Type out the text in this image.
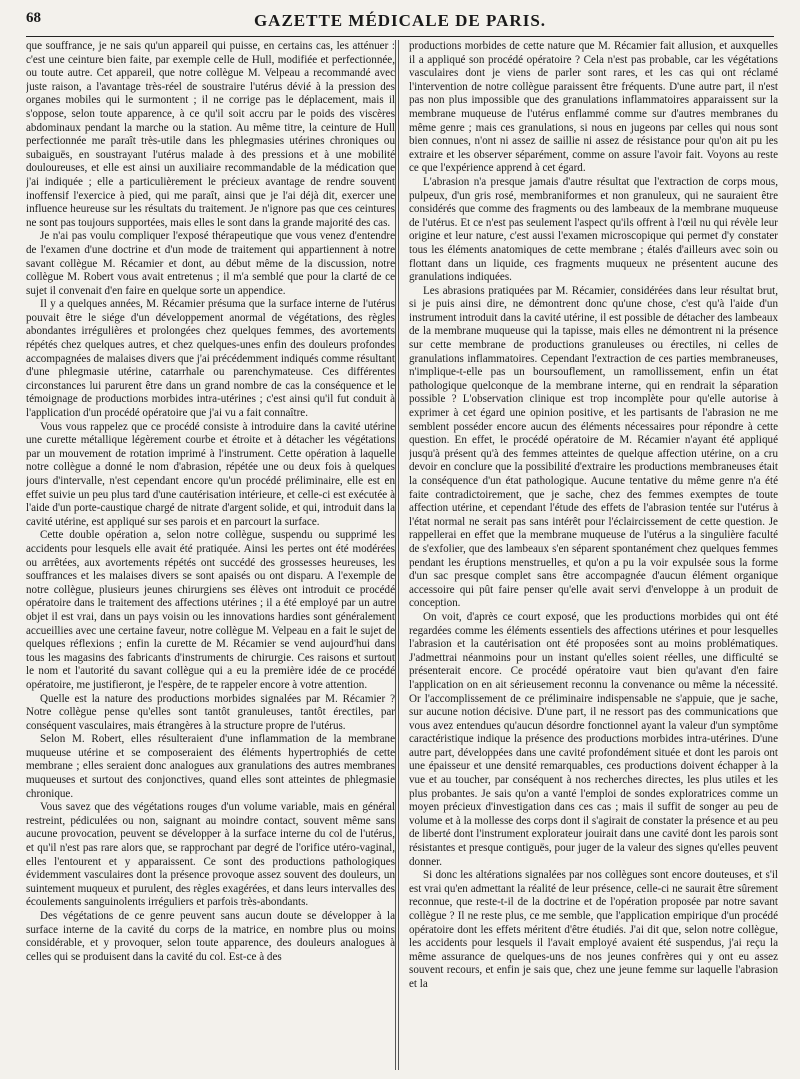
68	GAZETTE MÉDICALE DE PARIS.

que souffrance, je ne sais qu'un appareil qui puisse, en certains cas, les atténuer : c'est une ceinture bien faite, par exemple celle de Hull, modifiée et perfectionnée, ou toute autre. Cet appareil, que notre collègue M. Velpeau a recommandé avec juste raison, a l'avantage très-réel de soustraire l'utérus dévié à la pression des organes mobiles qui le surmontent ; il ne corrige pas le déplacement, mais il s'oppose, selon toute apparence, à ce qu'il soit accru par le poids des viscères abdominaux pendant la marche ou la station. Au même titre, la ceinture de Hull perfectionnée me paraît très-utile dans les phlegmasies utérines chroniques ou subaiguës, en soustrayant l'utérus malade à des pressions et à une mobilité douloureuses, et elle est ainsi un auxiliaire recommandable de la médication que j'ai indiquée ; elle a particulièrement le précieux avantage de rendre souvent inoffensif l'exercice à pied, qui me paraît, ainsi que je l'ai déjà dit, exercer une influence heureuse sur les résultats du traitement. Je n'ignore pas que ces ceintures ne sont pas toujours supportées, mais elles le sont dans la grande majorité des cas.

Je n'ai pas voulu compliquer l'exposé thérapeutique que vous venez d'entendre de l'examen d'une doctrine et d'un mode de traitement qui appartiennent à notre savant collègue M. Récamier et dont, au début même de la discussion, notre collègue M. Robert vous avait entretenus ; il m'a semblé que pour la clarté de ce sujet il convenait d'en faire en quelque sorte un appendice.

Il y a quelques années, M. Récamier présuma que la surface interne de l'utérus pouvait être le siége d'un développement anormal de végétations, des règles abondantes irrégulières et prolongées chez quelques femmes, des avortements répétés chez quelques autres, et chez quelques-unes enfin des douleurs profondes accompagnées de malaises divers que j'ai précédemment indiqués comme résultant d'une phlegmasie utérine, catarrhale ou parenchymateuse. Ces différentes circonstances lui parurent être dans un grand nombre de cas la conséquence et le témoignage de productions morbides intra-utérines ; c'est ainsi qu'il fut conduit à l'application d'un procédé opératoire que j'ai vu a fait connaître.

Vous vous rappelez que ce procédé consiste à introduire dans la cavité utérine une curette métallique légèrement courbe et étroite et à détacher les végétations par un mouvement de rotation imprimé à l'instrument. Cette opération à laquelle notre collègue a donné le nom d'abrasion, répétée une ou deux fois à quelques jours d'intervalle, n'est cependant encore qu'un procédé préliminaire, elle est en effet suivie un peu plus tard d'une cautérisation intérieure, et celle-ci est exécutée à l'aide d'un porte-caustique chargé de nitrate d'argent solide, et qui, introduit dans la cavité utérine, est appliqué sur ses parois et en parcourt la surface.

Cette double opération a, selon notre collègue, suspendu ou supprimé les accidents pour lesquels elle avait été pratiquée. Ainsi les pertes ont été modérées ou arrêtées, aux avortements répétés ont succédé des grossesses heureuses, les souffrances et les malaises divers se sont apaisés ou ont disparu. A l'exemple de notre collègue, plusieurs jeunes chirurgiens ses élèves ont introduit ce procédé opératoire dans le traitement des affections utérines ; il a été employé par un autre objet il est vrai, dans un pays voisin ou les innovations hardies sont généralement accueillies avec une certaine faveur, notre collègue M. Velpeau en a fait le sujet de quelques réflexions ; enfin la curette de M. Récamier se vend aujourd'hui dans tous les magasins des fabricants d'instruments de chirurgie. Ces raisons et surtout le nom et l'autorité du savant collègue qui a eu la première idée de ce procédé opératoire, me justifieront, je l'espère, de te rappeler encore à votre attention.

Quelle est la nature des productions morbides signalées par M. Récamier ? Notre collègue pense qu'elles sont tantôt granuleuses, tantôt érectiles, par conséquent vasculaires, mais étrangères à la structure propre de l'utérus.

Selon M. Robert, elles résulteraient d'une inflammation de la membrane muqueuse utérine et se composeraient des éléments hypertrophiés de cette membrane ; elles seraient donc analogues aux granulations des autres membranes muqueuses et surtout des conjonctives, quand elles sont atteintes de phlegmasie chronique.

Vous savez que des végétations rouges d'un volume variable, mais en général restreint, pédiculées ou non, saignant au moindre contact, souvent même sans aucune provocation, peuvent se développer à la surface interne du col de l'utérus, et qu'il n'est pas rare alors que, se rapprochant par degré de l'orifice utéro-vaginal, elles l'entourent et y apparaissent. Ce sont des productions pathologiques évidemment vasculaires dont la présence provoque assez souvent des douleurs, un suintement muqueux et purulent, des règles exagérées, et dans leurs intervalles des écoulements sanguinolents irréguliers et parfois très-abondants.

Des végétations de ce genre peuvent sans aucun doute se développer à la surface interne de la cavité du corps de la matrice, en nombre plus ou moins considérable, et y provoquer, selon toute apparence, des douleurs analogues à celles qui se produisent dans la cavité du col. Est-ce à des

productions morbides de cette nature que M. Récamier fait allusion, et auxquelles il a appliqué son procédé opératoire ? Cela n'est pas probable, car les végétations vasculaires dont je viens de parler sont rares, et les cas qui ont réclamé l'intervention de notre collègue paraissent être fréquents. D'une autre part, il n'est pas non plus impossible que des granulations inflammatoires apparaissent sur la membrane muqueuse de l'utérus enflammé comme sur d'autres membranes du même genre ; mais ces granulations, si nous en jugeons par celles qui nous sont bien connues, n'ont ni assez de saillie ni assez de résistance pour qu'on ait pu les extraire et les observer séparément, comme on assure l'avoir fait. Voyons au reste ce que l'expérience apprend à cet égard.

L'abrasion n'a presque jamais d'autre résultat que l'extraction de corps mous, pulpeux, d'un gris rosé, membraniformes et non granuleux, qui ne sauraient être considérés que comme des fragments ou des lambeaux de la membrane muqueuse de l'utérus. Et ce n'est pas seulement l'aspect qu'ils offrent à l'œil nu qui révèle leur origine et leur nature, c'est aussi l'examen microscopique qui permet d'y constater tous les éléments anatomiques de cette membrane ; étalés d'ailleurs avec soin ou flottant dans un liquide, ces fragments muqueux ne présentent aucune des granulations indiquées.

Les abrasions pratiquées par M. Récamier, considérées dans leur résultat brut, si je puis ainsi dire, ne démontrent donc qu'une chose, c'est qu'à l'aide d'un instrument introduit dans la cavité utérine, il est possible de détacher des lambeaux de la membrane muqueuse qui la tapisse, mais elles ne démontrent ni la présence sur cette membrane de productions granuleuses ou érectiles, ni celles de granulations inflammatoires. Cependant l'extraction de ces parties membraneuses, n'implique-t-elle pas un boursouflement, un ramollissement, enfin un état pathologique quelconque de la membrane interne, qui en rendrait la séparation possible ? L'observation clinique est trop incomplète pour qu'elle autorise à exprimer à cet égard une opinion positive, et les partisants de l'abrasion ne me semblent posséder encore aucun des éléments nécessaires pour répondre à cette question. En effet, le procédé opératoire de M. Récamier n'ayant été appliqué jusqu'à présent qu'à des femmes atteintes de quelque affection utérine, on a cru devoir en conclure que la possibilité d'extraire les productions membraneuses était la conséquence d'un état pathologique. Aucune tentative du même genre n'a été faite contradictoirement, que je sache, chez des femmes exemptes de toute affection utérine, et cependant l'étude des effets de l'abrasion tentée sur l'utérus à l'état normal ne serait pas sans intérêt pour l'éclaircissement de cette question. Je rappellerai en effet que la membrane muqueuse de l'utérus a la singulière faculté de s'exfolier, que des lambeaux s'en séparent spontanément chez quelques femmes pendant les éruptions menstruelles, et qu'on a pu la voir expulsée sous la forme d'un sac presque complet sans être accompagnée d'aucun élément organique accessoire qui pût faire penser qu'elle avait servi d'enveloppe à un produit de conception.

On voit, d'après ce court exposé, que les productions morbides qui ont été regardées comme les éléments essentiels des affections utérines et pour lesquelles l'abrasion et la cautérisation ont été proposées sont au moins problématiques. J'admettrai néanmoins pour un instant qu'elles soient réelles, une difficulté se présenterait encore. Ce procédé opératoire vaut bien qu'avant d'en faire l'application on en ait sérieusement reconnu la convenance ou même la nécessité. Or l'accomplissement de ce préliminaire indispensable ne s'appuie, que je sache, sur aucune notion décisive. D'une part, il ne ressort pas des communications que vous avez entendues qu'aucun désordre fonctionnel ayant la valeur d'un symptôme caractéristique indique la présence des productions morbides intra-utérines. D'une autre part, développées dans une cavité profondément située et dont les parois ont une épaisseur et une densité remarquables, ces productions doivent échapper à la vue et au toucher, par conséquent à nos recherches directes, les plus utiles et les plus probantes. Je sais qu'on a vanté l'emploi de sondes exploratrices comme un moyen précieux d'investigation dans ces cas ; mais il suffit de songer au peu de volume et à la mollesse des corps dont il s'agirait de constater la présence et au peu de liberté dont l'instrument explorateur jouirait dans une cavité dont les parois sont résistantes et presque contiguës, pour juger de la valeur des signes qu'elles peuvent donner.

Si donc les altérations signalées par nos collègues sont encore douteuses, et s'il est vrai qu'en admettant la réalité de leur présence, celle-ci ne saurait être sûrement reconnue, que reste-t-il de la doctrine et de l'opération proposée par notre savant collègue ? Il ne reste plus, ce me semble, que l'application empirique d'un procédé opératoire dont les effets méritent d'être étudiés. J'ai dit que, selon notre collègue, les accidents pour lesquels il l'avait employé avaient été suspendus, j'ai reçu la même assurance de quelques-uns de nos jeunes confrères qui y ont eu assez souvent recours, et enfin je sais que, chez une jeune femme sur laquelle l'abrasion et la
